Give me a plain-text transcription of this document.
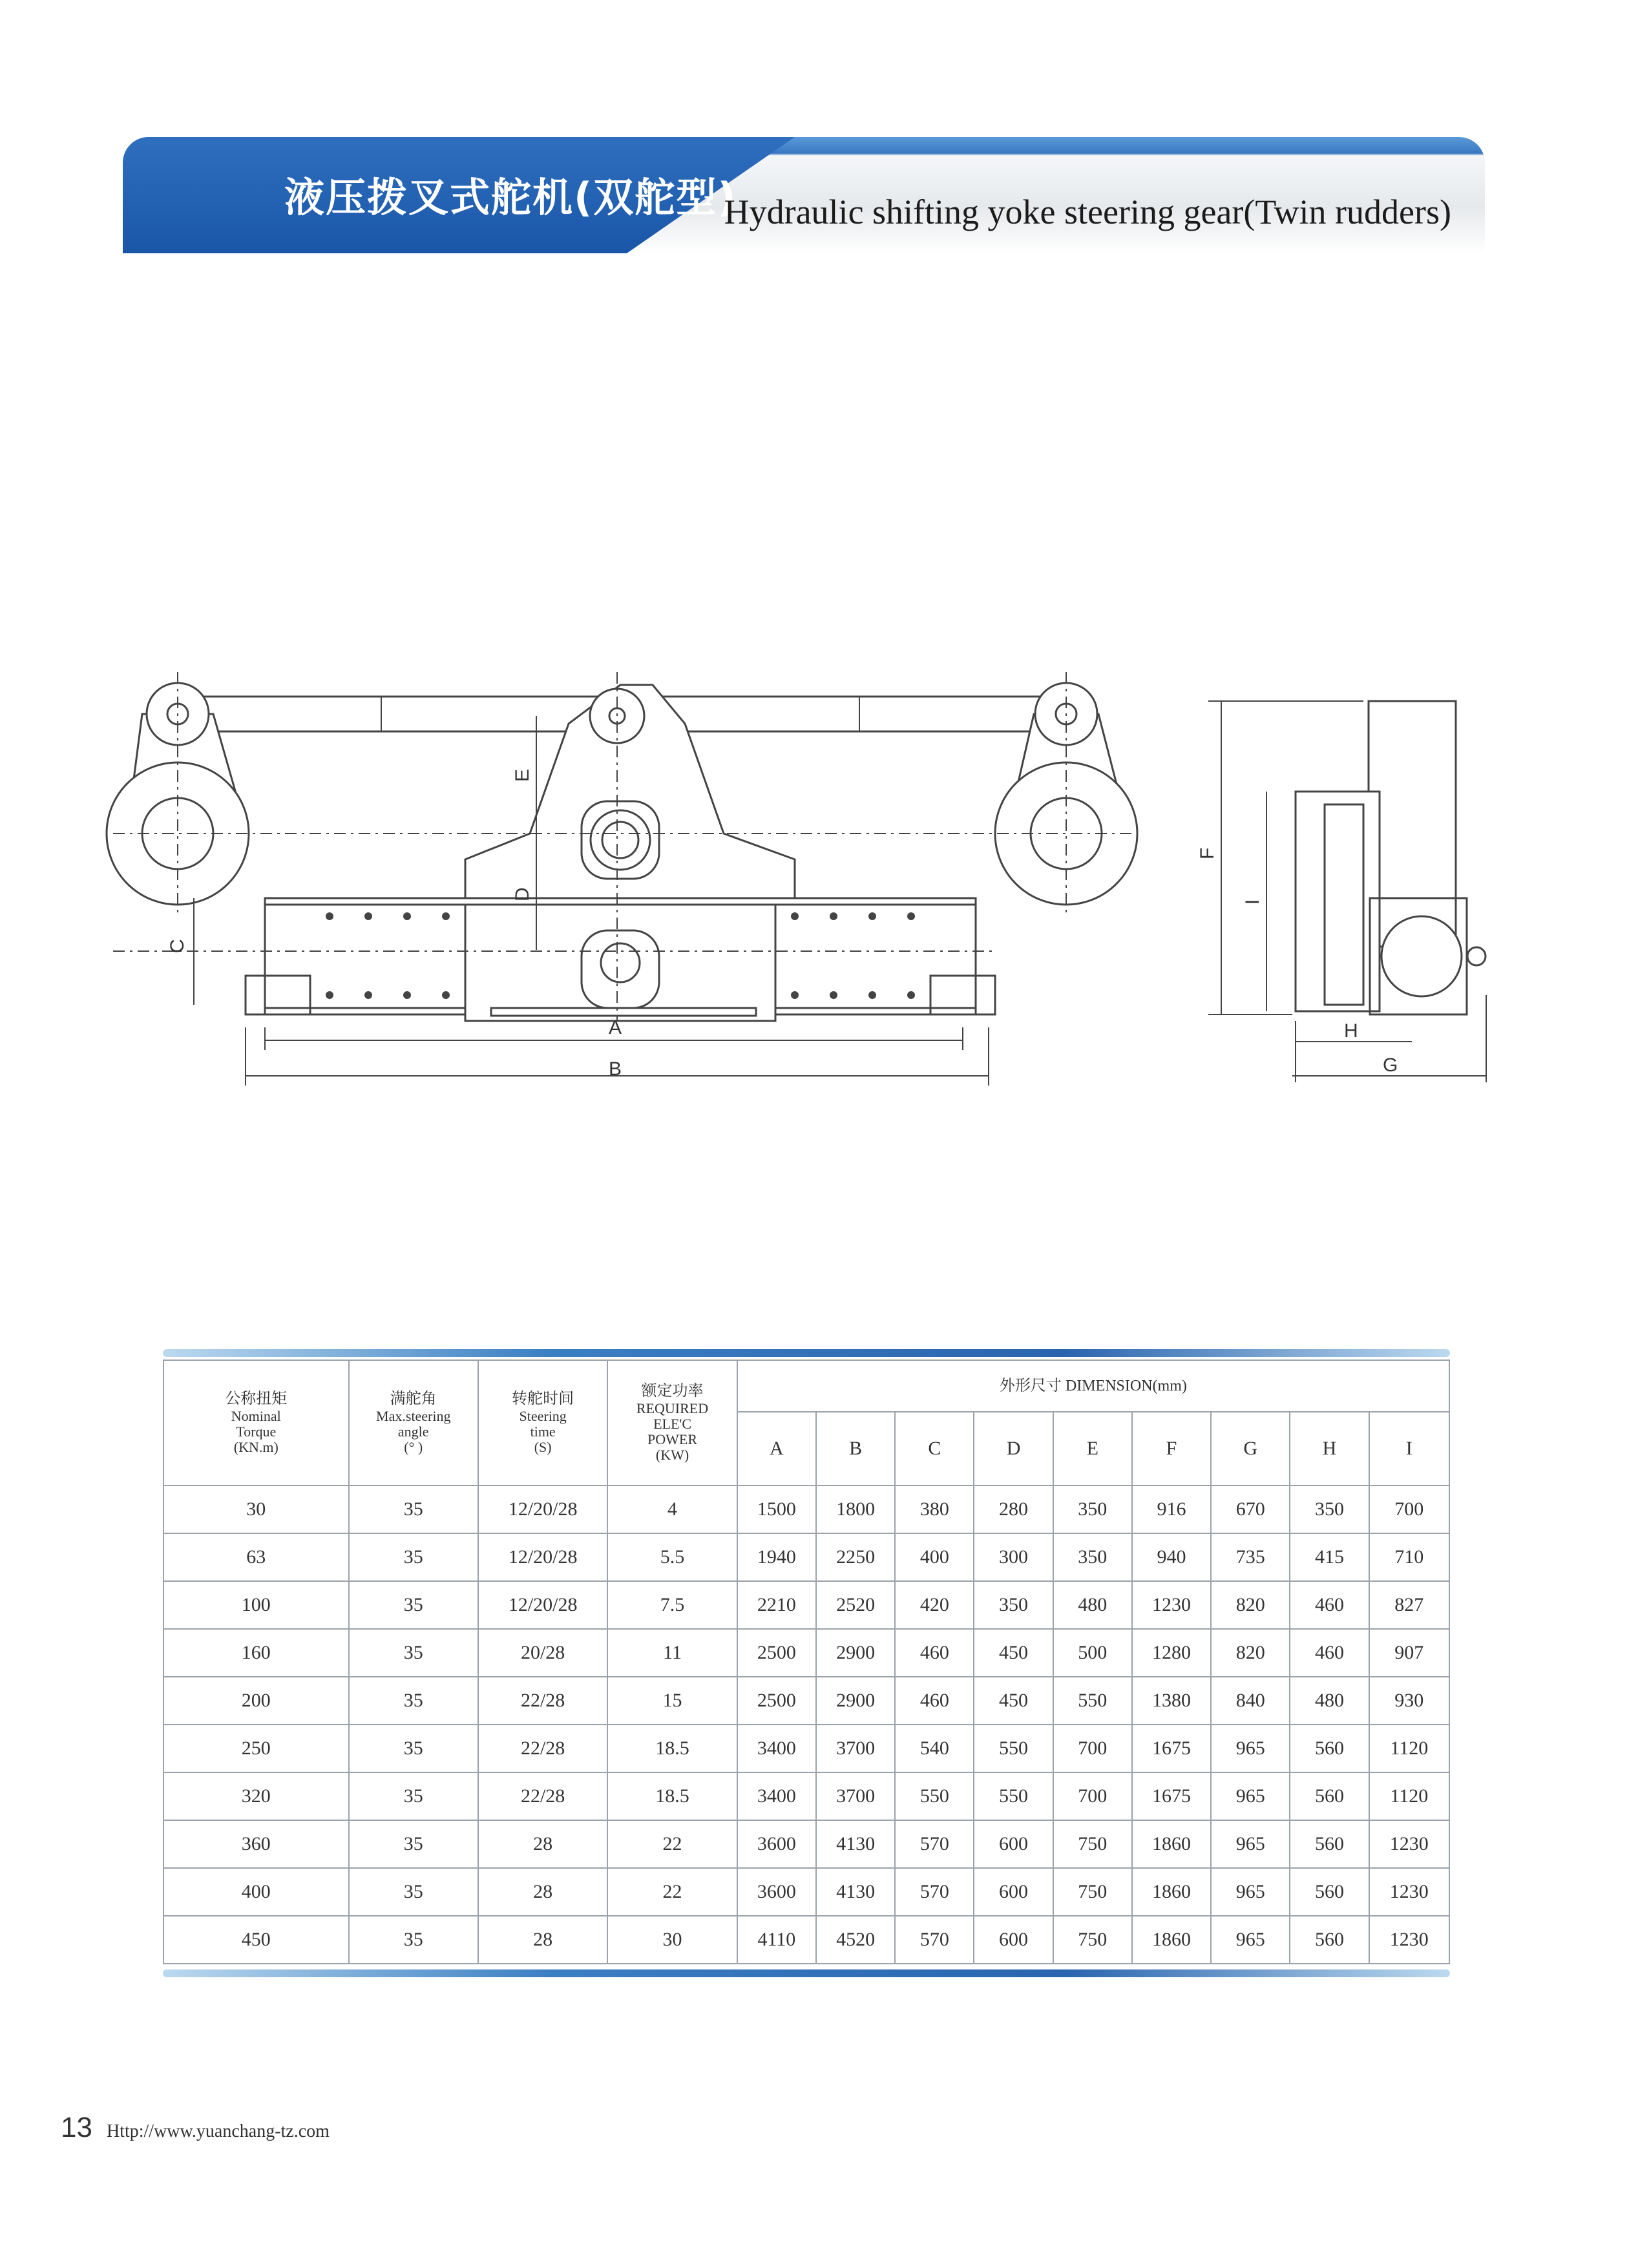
液压拨叉式舵机(双舵型)
Hydraulic shifting yoke steering gear(Twin rudders)
A
B
C
D
E
F
I
H
G
公称扭矩
Nominal
Torque
(KN.m)	满舵角
Max.steering
angle
(° )	转舵时间
Steering
time
(S)	额定功率
REQUIRED
ELE'C
POWER
(KW)	外形尺寸 DIMENSION(mm)								
				A	B	C	D	E	F	G	H	I
30	35	12/20/28	4	1500	1800	380	280	350	916	670	350	700
63	35	12/20/28	5.5	1940	2250	400	300	350	940	735	415	710
100	35	12/20/28	7.5	2210	2520	420	350	480	1230	820	460	827
160	35	20/28	11	2500	2900	460	450	500	1280	820	460	907
200	35	22/28	15	2500	2900	460	450	550	1380	840	480	930
250	35	22/28	18.5	3400	3700	540	550	700	1675	965	560	1120
320	35	22/28	18.5	3400	3700	550	550	700	1675	965	560	1120
360	35	28	22	3600	4130	570	600	750	1860	965	560	1230
400	35	28	22	3600	4130	570	600	750	1860	965	560	1230
450	35	28	30	4110	4520	570	600	750	1860	965	560	1230
13 Http://www.yuanchang-tz.com
